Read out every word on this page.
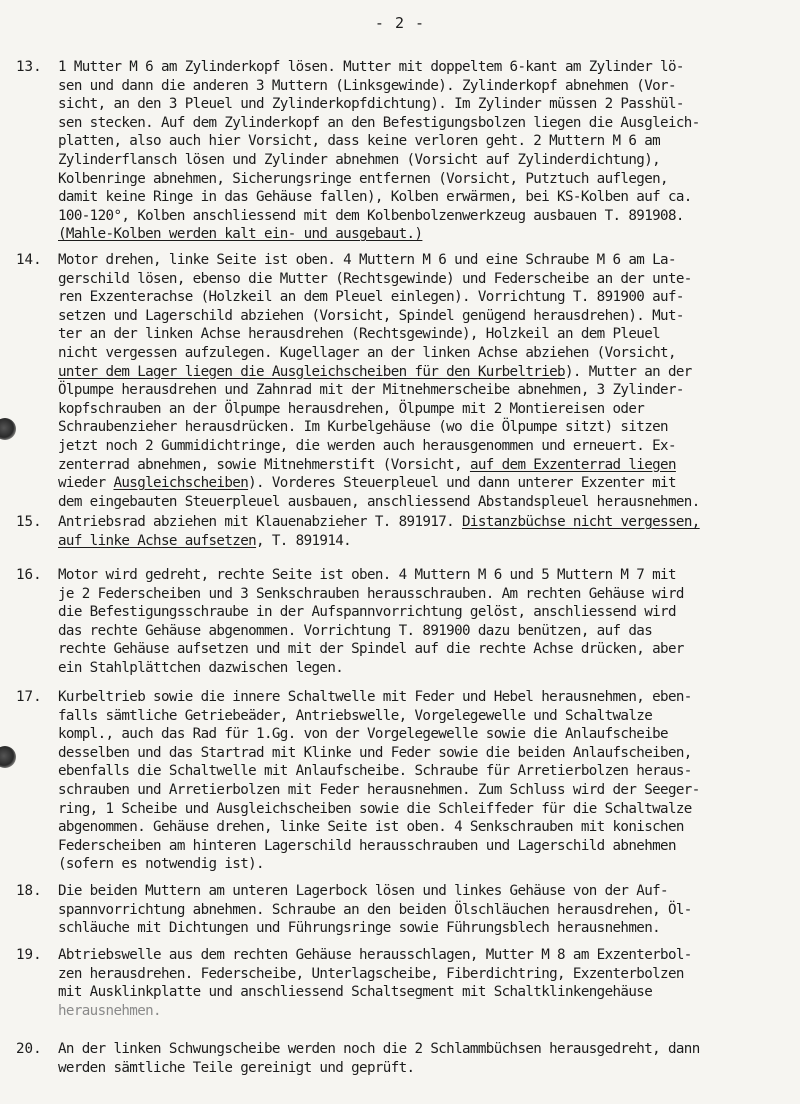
- 2 -
13.	1 Mutter M 6 am Zylinderkopf lösen. Mutter mit doppeltem 6-kant am Zylinder lö-
sen und dann die anderen 3 Muttern (Linksgewinde). Zylinderkopf abnehmen (Vor-
sicht, an den 3 Pleuel und Zylinderkopfdichtung). Im Zylinder müssen 2 Passhül-
sen stecken. Auf dem Zylinderkopf an den Befestigungsbolzen liegen die Ausgleich-
platten, also auch hier Vorsicht, dass keine verloren geht. 2 Muttern M 6 am
Zylinderflansch lösen und Zylinder abnehmen (Vorsicht auf Zylinderdichtung),
Kolbenringe abnehmen, Sicherungsringe entfernen (Vorsicht, Putztuch auflegen,
damit keine Ringe in das Gehäuse fallen), Kolben erwärmen, bei KS-Kolben auf ca.
100-120°, Kolben anschliessend mit dem Kolbenbolzenwerkzeug ausbauen T. 891908.
(Mahle-Kolben werden kalt ein- und ausgebaut.)
14.	Motor drehen, linke Seite ist oben. 4 Muttern M 6 und eine Schraube M 6 am La-
gerschild lösen, ebenso die Mutter (Rechtsgewinde) und Federscheibe an der unte-
ren Exzenterachse (Holzkeil an dem Pleuel einlegen). Vorrichtung T. 891900 auf-
setzen und Lagerschild abziehen (Vorsicht, Spindel genügend herausdrehen). Mut-
ter an der linken Achse herausdrehen (Rechtsgewinde), Holzkeil an dem Pleuel
nicht vergessen aufzulegen. Kugellager an der linken Achse abziehen (Vorsicht,
unter dem Lager liegen die Ausgleichscheiben für den Kurbeltrieb). Mutter an der
Ölpumpe herausdrehen und Zahnrad mit der Mitnehmerscheibe abnehmen, 3 Zylinder-
kopfschrauben an der Ölpumpe herausdrehen, Ölpumpe mit 2 Montiereisen oder
Schraubenzieher herausdrücken. Im Kurbelgehäuse (wo die Ölpumpe sitzt) sitzen
jetzt noch 2 Gummidichtringe, die werden auch herausgenommen und erneuert. Ex-
zenterrad abnehmen, sowie Mitnehmerstift (Vorsicht, auf dem Exzenterrad liegen
wieder Ausgleichscheiben). Vorderes Steuerpleuel und dann unterer Exzenter mit
dem eingebauten Steuerpleuel ausbauen, anschliessend Abstandspleuel herausnehmen.
15.	Antriebsrad abziehen mit Klauenabzieher T. 891917. Distanzbüchse nicht vergessen,
auf linke Achse aufsetzen, T. 891914.
16.	Motor wird gedreht, rechte Seite ist oben. 4 Muttern M 6 und 5 Muttern M 7 mit
je 2 Federscheiben und 3 Senkschrauben herausschrauben. Am rechten Gehäuse wird
die Befestigungsschraube in der Aufspannvorrichtung gelöst, anschliessend wird
das rechte Gehäuse abgenommen. Vorrichtung T. 891900 dazu benützen, auf das
rechte Gehäuse aufsetzen und mit der Spindel auf die rechte Achse drücken, aber
ein Stahlplättchen dazwischen legen.
17.	Kurbeltrieb sowie die innere Schaltwelle mit Feder und Hebel herausnehmen, eben-
falls sämtliche Getriebeäder, Antriebswelle, Vorgelegewelle und Schaltwalze
kompl., auch das Rad für 1.Gg. von der Vorgelegewelle sowie die Anlaufscheibe
desselben und das Startrad mit Klinke und Feder sowie die beiden Anlaufscheiben,
ebenfalls die Schaltwelle mit Anlaufscheibe. Schraube für Arretierbolzen heraus-
schrauben und Arretierbolzen mit Feder herausnehmen. Zum Schluss wird der Seeger-
ring, 1 Scheibe und Ausgleichscheiben sowie die Schleiffeder für die Schaltwalze
abgenommen. Gehäuse drehen, linke Seite ist oben. 4 Senkschrauben mit konischen
Federscheiben am hinteren Lagerschild herausschrauben und Lagerschild abnehmen
(sofern es notwendig ist).
18.	Die beiden Muttern am unteren Lagerbock lösen und linkes Gehäuse von der Auf-
spannvorrichtung abnehmen. Schraube an den beiden Ölschläuchen herausdrehen, Öl-
schläuche mit Dichtungen und Führungsringe sowie Führungsblech herausnehmen.
19.	Abtriebswelle aus dem rechten Gehäuse herausschlagen, Mutter M 8 am Exzenterbol-
zen herausdrehen. Federscheibe, Unterlagscheibe, Fiberdichtring, Exzenterbolzen
mit Ausklinkplatte und anschliessend Schaltsegment mit Schaltklinkengehäuse
herausnehmen.
20.	An der linken Schwungscheibe werden noch die 2 Schlammbüchsen herausgedreht, dann
werden sämtliche Teile gereinigt und geprüft.
